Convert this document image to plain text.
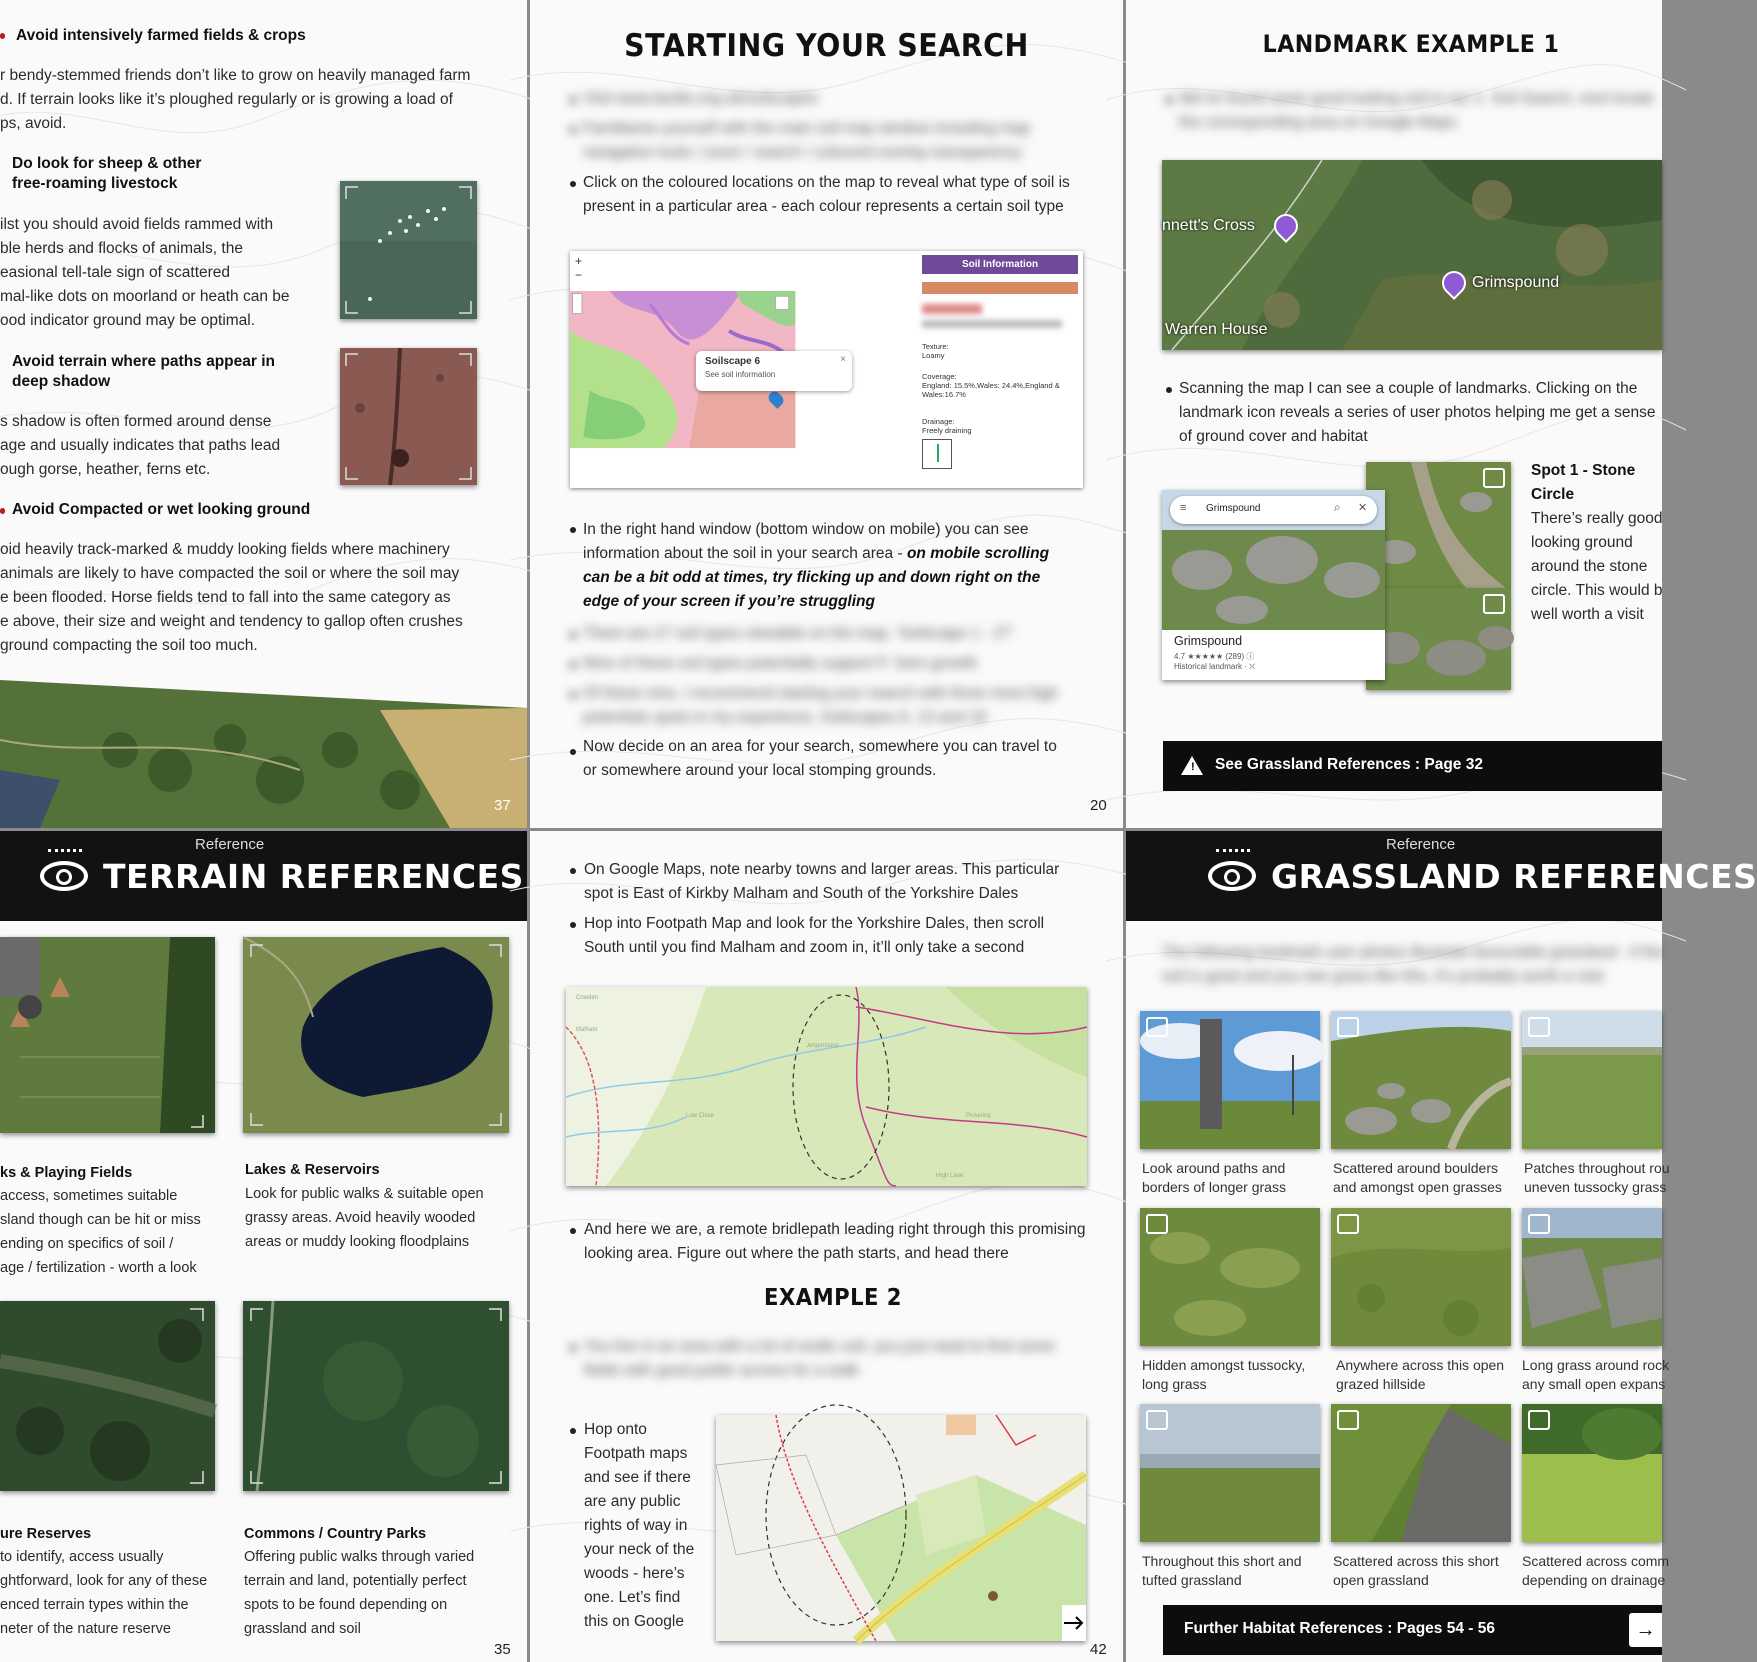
Avoid intensively farmed fields & crops
r bendy-stemmed friends don’t like to grow on heavily managed farm
d. If terrain looks like it’s ploughed regularly or is growing a load of
ps, avoid.
Do look for sheep & other
free-roaming livestock
ilst you should avoid fields rammed with
ble herds and flocks of animals, the
easional tell-tale sign of scattered
mal-like dots on moorland or heath can be
ood indicator ground may be optimal.
Avoid terrain where paths appear in
deep shadow
s shadow is often formed around dense
age and usually indicates that paths lead
ough gorse, heather, ferns etc.
Avoid Compacted or wet looking ground
oid heavily track-marked & muddy looking fields where machinery
animals are likely to have compacted the soil or where the soil may
e been flooded. Horse fields tend to fall into the same category as
e above, their size and weight and tendency to gallop often crushes
ground compacting the soil too much.
37
STARTING YOUR SEARCH
Visit www.landis.org.uk/soilscapes
Familiarise yourself with the main soil map window including map
navigation tools / zoom / search / coloured overlay transparency
Click on the coloured locations on the map to reveal what type of soil is
present in a particular area - each colour represents a certain soil type
+
−
Soilscape 6
See soil information
×
Soil Information
Texture:
Loamy
Coverage:
England: 15.5%,Wales: 24.4%,England &
Wales:16.7%
Drainage:
Freely draining
In the right hand window (bottom window on mobile) you can see
information about the soil in your search area - on mobile scrolling
can be a bit odd at times, try flicking up and down right on the
edge of your screen if you’re struggling
There are 27 soil types viewable on the map, ‘Soilscape 1 - 27’
Nine of these soil types potentially support P. Sem growth
Of these nine, I recommend starting your search with three most high
potentials spots in my experience, Soilscapes 6, 13 and 18
Now decide on an area for your search, somewhere you can travel to
or somewhere around your local stomping grounds.
20
LANDMARK EXAMPLE 1
We’ve found some good looking soil in our 1. Soil Search, next locate
the corresponding area on Google Maps
nnett's Cross
Grimspound
Warren House
Scanning the map I can see a couple of landmarks. Clicking on the
landmark icon reveals a series of user photos helping me get a sense
of ground cover and habitat
≡ Grimspound	⌕ ✕
Grimspound
4.7 ★★★★★ (289) ⓘ
Historical landmark · ⛌
Spot 1 - Stone
Circle
There’s really good
looking ground
around the stone
circle. This would b
well worth a visit
! See Grassland References : Page 32
Reference
TERRAIN REFERENCES
ks & Playing Fields
access, sometimes suitable
sland though can be hit or miss
ending on specifics of soil /
age / fertilization - worth a look
Lakes & Reservoirs
Look for public walks & suitable open
grassy areas. Avoid heavily wooded
areas or muddy looking floodplains
ure Reserves
to identify, access usually
ghtforward, look for any of these
enced terrain types within the
neter of the nature reserve
Commons / Country Parks
Offering public walks through varied
terrain and land, potentially perfect
spots to be found depending on
grassland and soil
35
On Google Maps, note nearby towns and larger areas. This particular
spot is East of Kirkby Malham and South of the Yorkshire Dales
Hop into Footpath Map and look for the Yorkshire Dales, then scroll
South until you find Malham and zoom in, it’ll only take a second
Cowden
Malham
Low Close
Jergentsons
Pickering
High Lane
And here we are, a remote bridlepath leading right through this promising
looking area. Figure out where the path starts, and head there
EXAMPLE 2
You live in an area with a lot of acidic soil, you just need to find some
fields with good public access for a walk
Hop onto
Footpath maps
and see if there
are any public
rights of way in
your neck of the
woods - here’s
one. Let’s find
this on Google
42
Reference
GRASSLAND REFERENCES
The following landmark user photos illustrate favourable grassland - if the
soil is good and you see grass like this, it’s probably worth a visit
Look around paths and
borders of longer grass
Scattered around boulders
and amongst open grasses
Patches throughout rou
uneven tussocky grass
Hidden amongst tussocky,
long grass
Anywhere across this open
grazed hillside
Long grass around rock
any small open expans
Throughout this short and
tufted grassland
Scattered across this short
open grassland
Scattered across comm
depending on drainage
Further Habitat References : Pages 54 - 56	→
